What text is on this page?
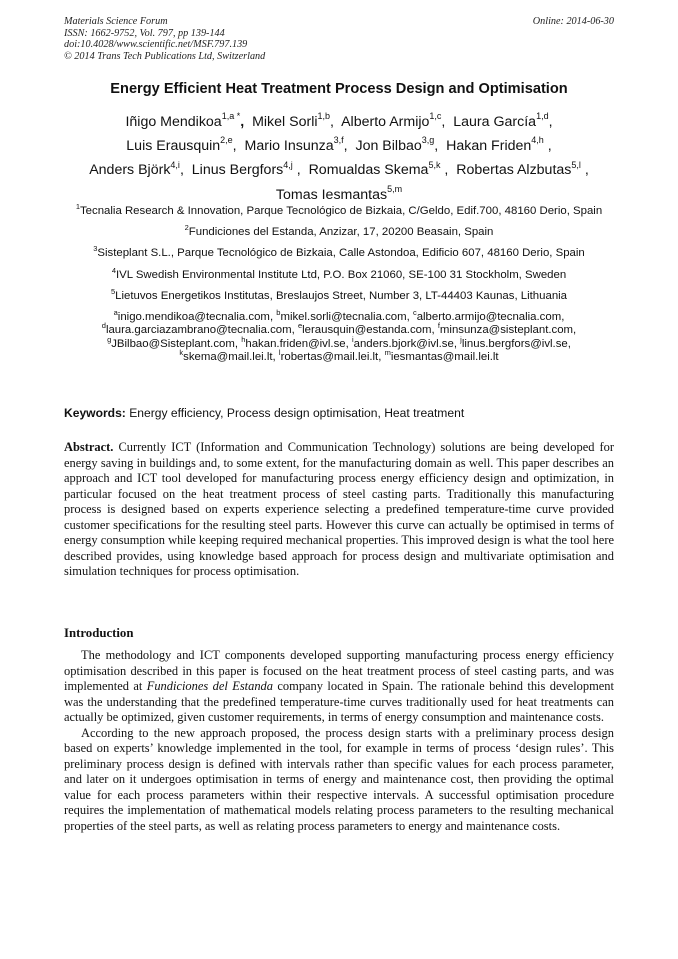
Materials Science Forum
ISSN: 1662-9752, Vol. 797, pp 139-144
doi:10.4028/www.scientific.net/MSF.797.139
© 2014 Trans Tech Publications Ltd, Switzerland
Online: 2014-06-30
Energy Efficient Heat Treatment Process Design and Optimisation
Iñigo Mendikoa$^{1,a *}$,  Mikel Sorli$^{1,b}$,  Alberto Armijo$^{1,c}$,  Laura García$^{1,d}$,
Luis Erausquin$^{2,e}$,  Mario Insunza$^{3,f}$,  Jon Bilbao$^{3,g}$,  Hakan Friden$^{4,h}$ ,
Anders Björk$^{4,i}$,  Linus Bergfors$^{4,j}$ ,  Romualdas Skema$^{5,k}$ ,  Robertas Alzbutas$^{5,l}$ ,
Tomas Iesmantas$^{5,m}$
$^1$Tecnalia Research & Innovation, Parque Tecnológico de Bizkaia, C/Geldo, Edif.700, 48160 Derio, Spain
$^2$Fundiciones del Estanda, Anzizar, 17, 20200 Beasain, Spain
$^3$Sisteplant S.L., Parque Tecnológico de Bizkaia, Calle Astondoa, Edificio 607, 48160 Derio, Spain
$^4$IVL Swedish Environmental Institute Ltd, P.O. Box 21060, SE-100 31 Stockholm, Sweden
$^5$Lietuvos Energetikos Institutas, Breslaujos Street, Number 3, LT-44403 Kaunas, Lithuania
$^a$inigo.mendikoa@tecnalia.com, $^b$mikel.sorli@tecnalia.com, $^c$alberto.armijo@tecnalia.com,
$^d$laura.garciazambrano@tecnalia.com, $^e$lerausquin@estanda.com, $^f$minsunza@sisteplant.com,
$^g$JBilbao@Sisteplant.com, $^h$hakan.friden@ivl.se, $^i$anders.bjork@ivl.se, $^j$linus.bergfors@ivl.se,
$^k$skema@mail.lei.lt, $^l$robertas@mail.lei.lt, $^m$iesmantas@mail.lei.lt
Keywords: Energy efficiency, Process design optimisation, Heat treatment
Abstract. Currently ICT (Information and Communication Technology) solutions are being developed for energy saving in buildings and, to some extent, for the manufacturing domain as well. This paper describes an approach and ICT tool developed for manufacturing process energy efficiency design and optimization, in particular focused on the heat treatment process of steel casting parts. Traditionally this manufacturing process is designed based on experts experience selecting a predefined temperature-time curve provided customer specifications for the resulting steel parts. However this curve can actually be optimised in terms of energy consumption while keeping required mechanical properties. This improved design is what the tool here described provides, using knowledge based approach for process design and multivariate optimisation and simulation techniques for process optimisation.
Introduction

The methodology and ICT components developed supporting manufacturing process energy efficiency optimisation described in this paper is focused on the heat treatment process of steel casting parts, and was implemented at Fundiciones del Estanda company located in Spain. The rationale behind this development was the understanding that the predefined temperature-time curves traditionally used for heat treatments can actually be optimized, given customer requirements, in terms of energy consumption and maintenance costs.

According to the new approach proposed, the process design starts with a preliminary process design based on experts’ knowledge implemented in the tool, for example in terms of process ‘design rules’. This preliminary process design is defined with intervals rather than specific values for each process parameter, and later on it undergoes optimisation in terms of energy and maintenance cost, then providing the optimal value for each process parameters within their respective intervals. A successful optimisation procedure requires the implementation of mathematical models relating process parameters to the resulting mechanical properties of the steel parts, as well as relating process parameters to energy and maintenance costs.
